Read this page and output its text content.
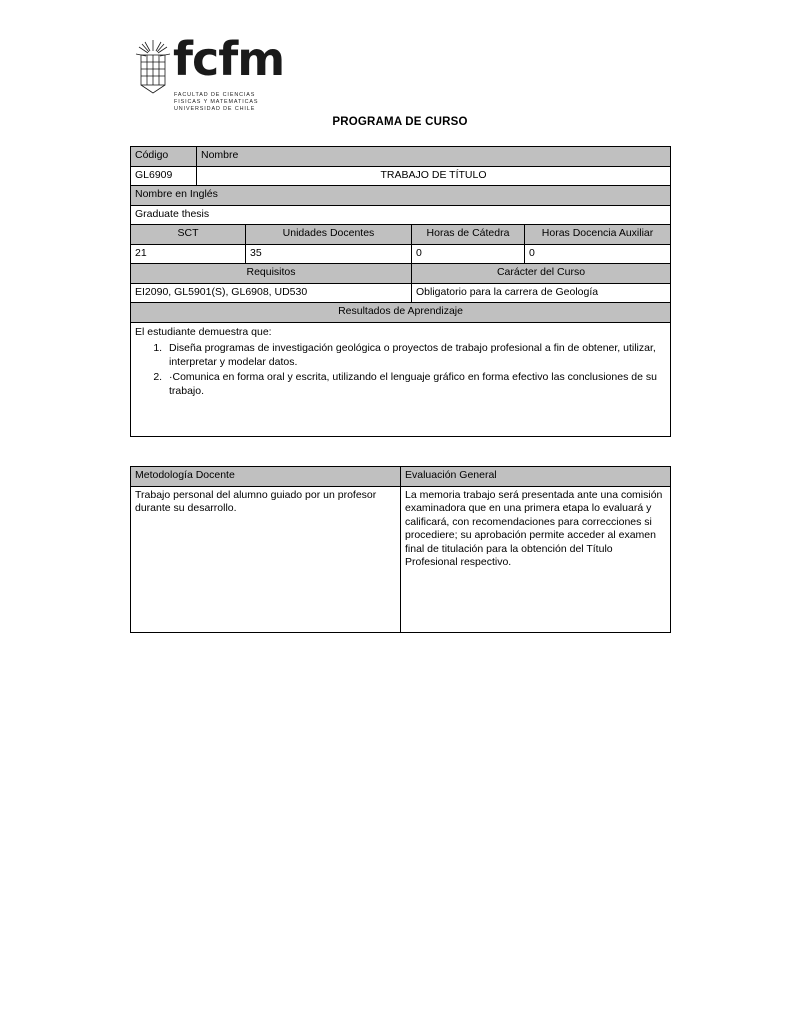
fcfm
FACULTAD DE CIENCIAS
FISICAS Y MATEMATICAS
UNIVERSIDAD DE CHILE
PROGRAMA DE CURSO
Código	Nombre			
GL6909	TRABAJO DE TÍTULO			
Nombre en Inglés				
Graduate thesis				
SCT		Unidades Docentes	Horas de Cátedra	Horas Docencia Auxiliar
21		35	0	0
Requisitos			Carácter del Curso	
EI2090, GL5901(S), GL6908, UD530			Obligatorio para la carrera de Geología	
Resultados de Aprendizaje				

El estudiante demuestra que:
1. Diseña programas de investigación geológica o proyectos de trabajo profesional a fin de obtener, utilizar, interpretar y modelar datos.
2. ·Comunica en forma oral y escrita, utilizando el lenguaje gráfico en forma efectivo las conclusiones de su trabajo.
Metodología Docente	Evaluación General
Trabajo personal del alumno guiado por un profesor durante su desarrollo.	La memoria trabajo será presentada ante una comisión examinadora que en una primera etapa lo evaluará y calificará, con recomendaciones para correcciones si procediere; su aprobación permite acceder al examen final de titulación para la obtención del Título Profesional respectivo.
